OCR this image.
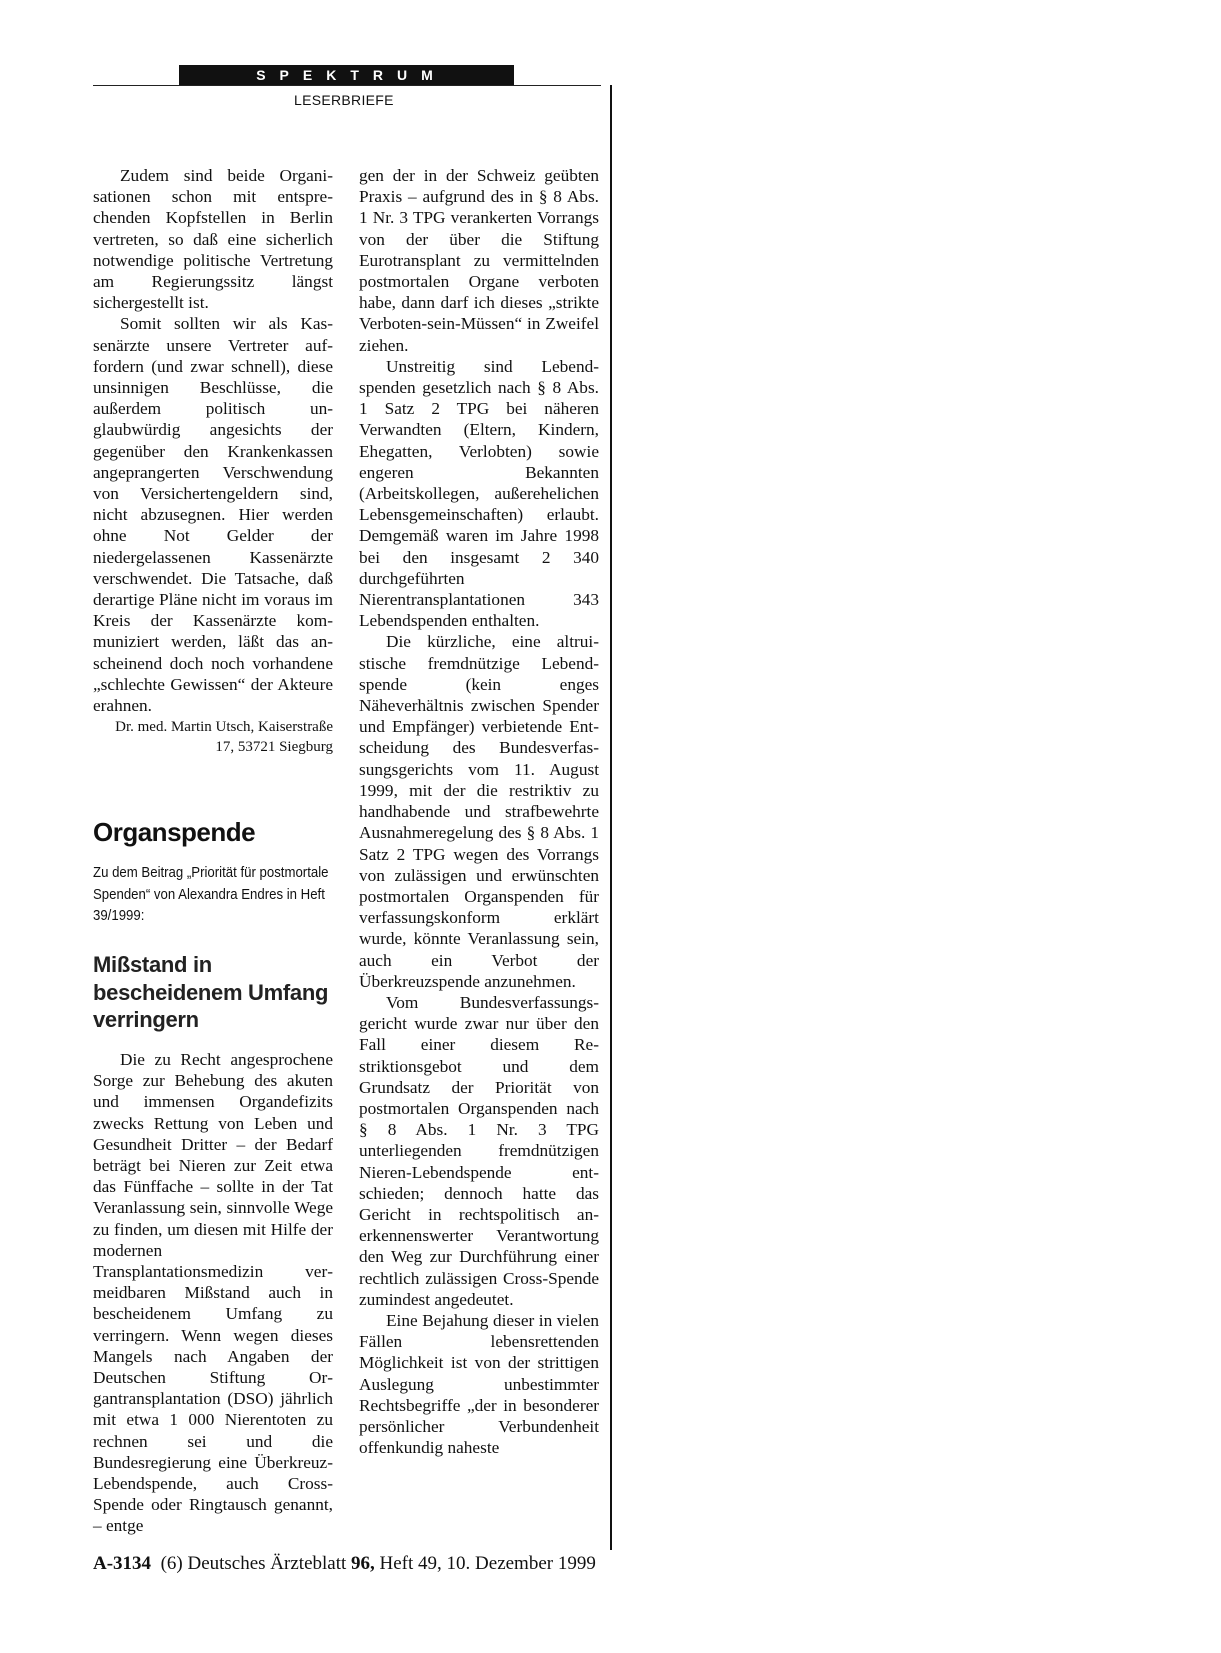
SPEKTRUM
LESERBRIEFE

Zudem sind beide Organisationen schon mit entsprechenden Kopfstellen in Berlin vertreten, so daß eine sicherlich notwendige politische Vertretung am Regierungssitz längst sichergestellt ist.

Somit sollten wir als Kassenärzte unsere Vertreter auffordern (und zwar schnell), diese unsinnigen Beschlüsse, die außerdem politisch unglaubwürdig angesichts der gegenüber den Krankenkassen angeprangerten Verschwendung von Versichertengeldern sind, nicht abzusegnen. Hier werden ohne Not Gelder der niedergelassenen Kassenärzte verschwendet. Die Tatsache, daß derartige Pläne nicht im voraus im Kreis der Kassenärzte kommuniziert werden, läßt das anscheinend doch noch vorhandene „schlechte Gewissen“ der Akteure erahnen.

Dr. med. Martin Utsch, Kaiserstraße 17, 53721 Siegburg
Organspende
Zu dem Beitrag „Priorität für postmortale Spenden“ von Alexandra Endres in Heft 39/1999:
Mißstand in bescheidenem Umfang verringern

Die zu Recht angesprochene Sorge zur Behebung des akuten und immensen Organdefizits zwecks Rettung von Leben und Gesundheit Dritter – der Bedarf beträgt bei Nieren zur Zeit etwa das Fünffache – sollte in der Tat Veranlassung sein, sinnvolle Wege zu finden, um diesen mit Hilfe der modernen Transplantationsmedizin vermeidbaren Mißstand auch in bescheidenem Umfang zu verringern. Wenn wegen dieses Mangels nach Angaben der Deutschen Stiftung Organtransplantation (DSO) jährlich mit etwa 1 000 Nierentoten zu rechnen sei und die Bundesregierung eine Überkreuz-Lebendspende, auch Cross-Spende oder Ringtausch genannt, – entge

gen der in der Schweiz geübten Praxis – aufgrund des in § 8 Abs. 1 Nr. 3 TPG verankerten Vorrangs von der über die Stiftung Eurotransplant zu vermittelnden postmortalen Organe verboten habe, dann darf ich dieses „strikte Verboten-sein-Müssen“ in Zweifel ziehen.

Unstreitig sind Lebendspenden gesetzlich nach § 8 Abs. 1 Satz 2 TPG bei näheren Verwandten (Eltern, Kindern, Ehegatten, Verlobten) sowie engeren Bekannten (Arbeitskollegen, außerehelichen Lebensgemeinschaften) erlaubt. Demgemäß waren im Jahre 1998 bei den insgesamt 2 340 durchgeführten Nierentransplantationen 343 Lebendspenden enthalten.

Die kürzliche, eine altruistische fremdnützige Lebendspende (kein enges Näheverhältnis zwischen Spender und Empfänger) verbietende Entscheidung des Bundesverfassungsgerichts vom 11. August 1999, mit der die restriktiv zu handhabende und strafbewehrte Ausnahmeregelung des § 8 Abs. 1 Satz 2 TPG wegen des Vorrangs von zulässigen und erwünschten postmortalen Organspenden für verfassungskonform erklärt wurde, könnte Veranlassung sein, auch ein Verbot der Überkreuzspende anzunehmen.

Vom Bundesverfassungsgericht wurde zwar nur über den Fall einer diesem Restriktionsgebot und dem Grundsatz der Priorität von postmortalen Organspenden nach § 8 Abs. 1 Nr. 3 TPG unterliegenden fremdnützigen Nieren-Lebendspende entschieden; dennoch hatte das Gericht in rechtspolitisch anerkennenswerter Verantwortung den Weg zur Durchführung einer rechtlich zulässigen Cross-Spende zumindest angedeutet.

Eine Bejahung dieser in vielen Fällen lebensrettenden Möglichkeit ist von der strittigen Auslegung unbestimmter Rechtsbegriffe „der in besonderer persönlicher Verbundenheit offenkundig naheste

A-3134 (6) Deutsches Ärzteblatt 96, Heft 49, 10. Dezember 1999
